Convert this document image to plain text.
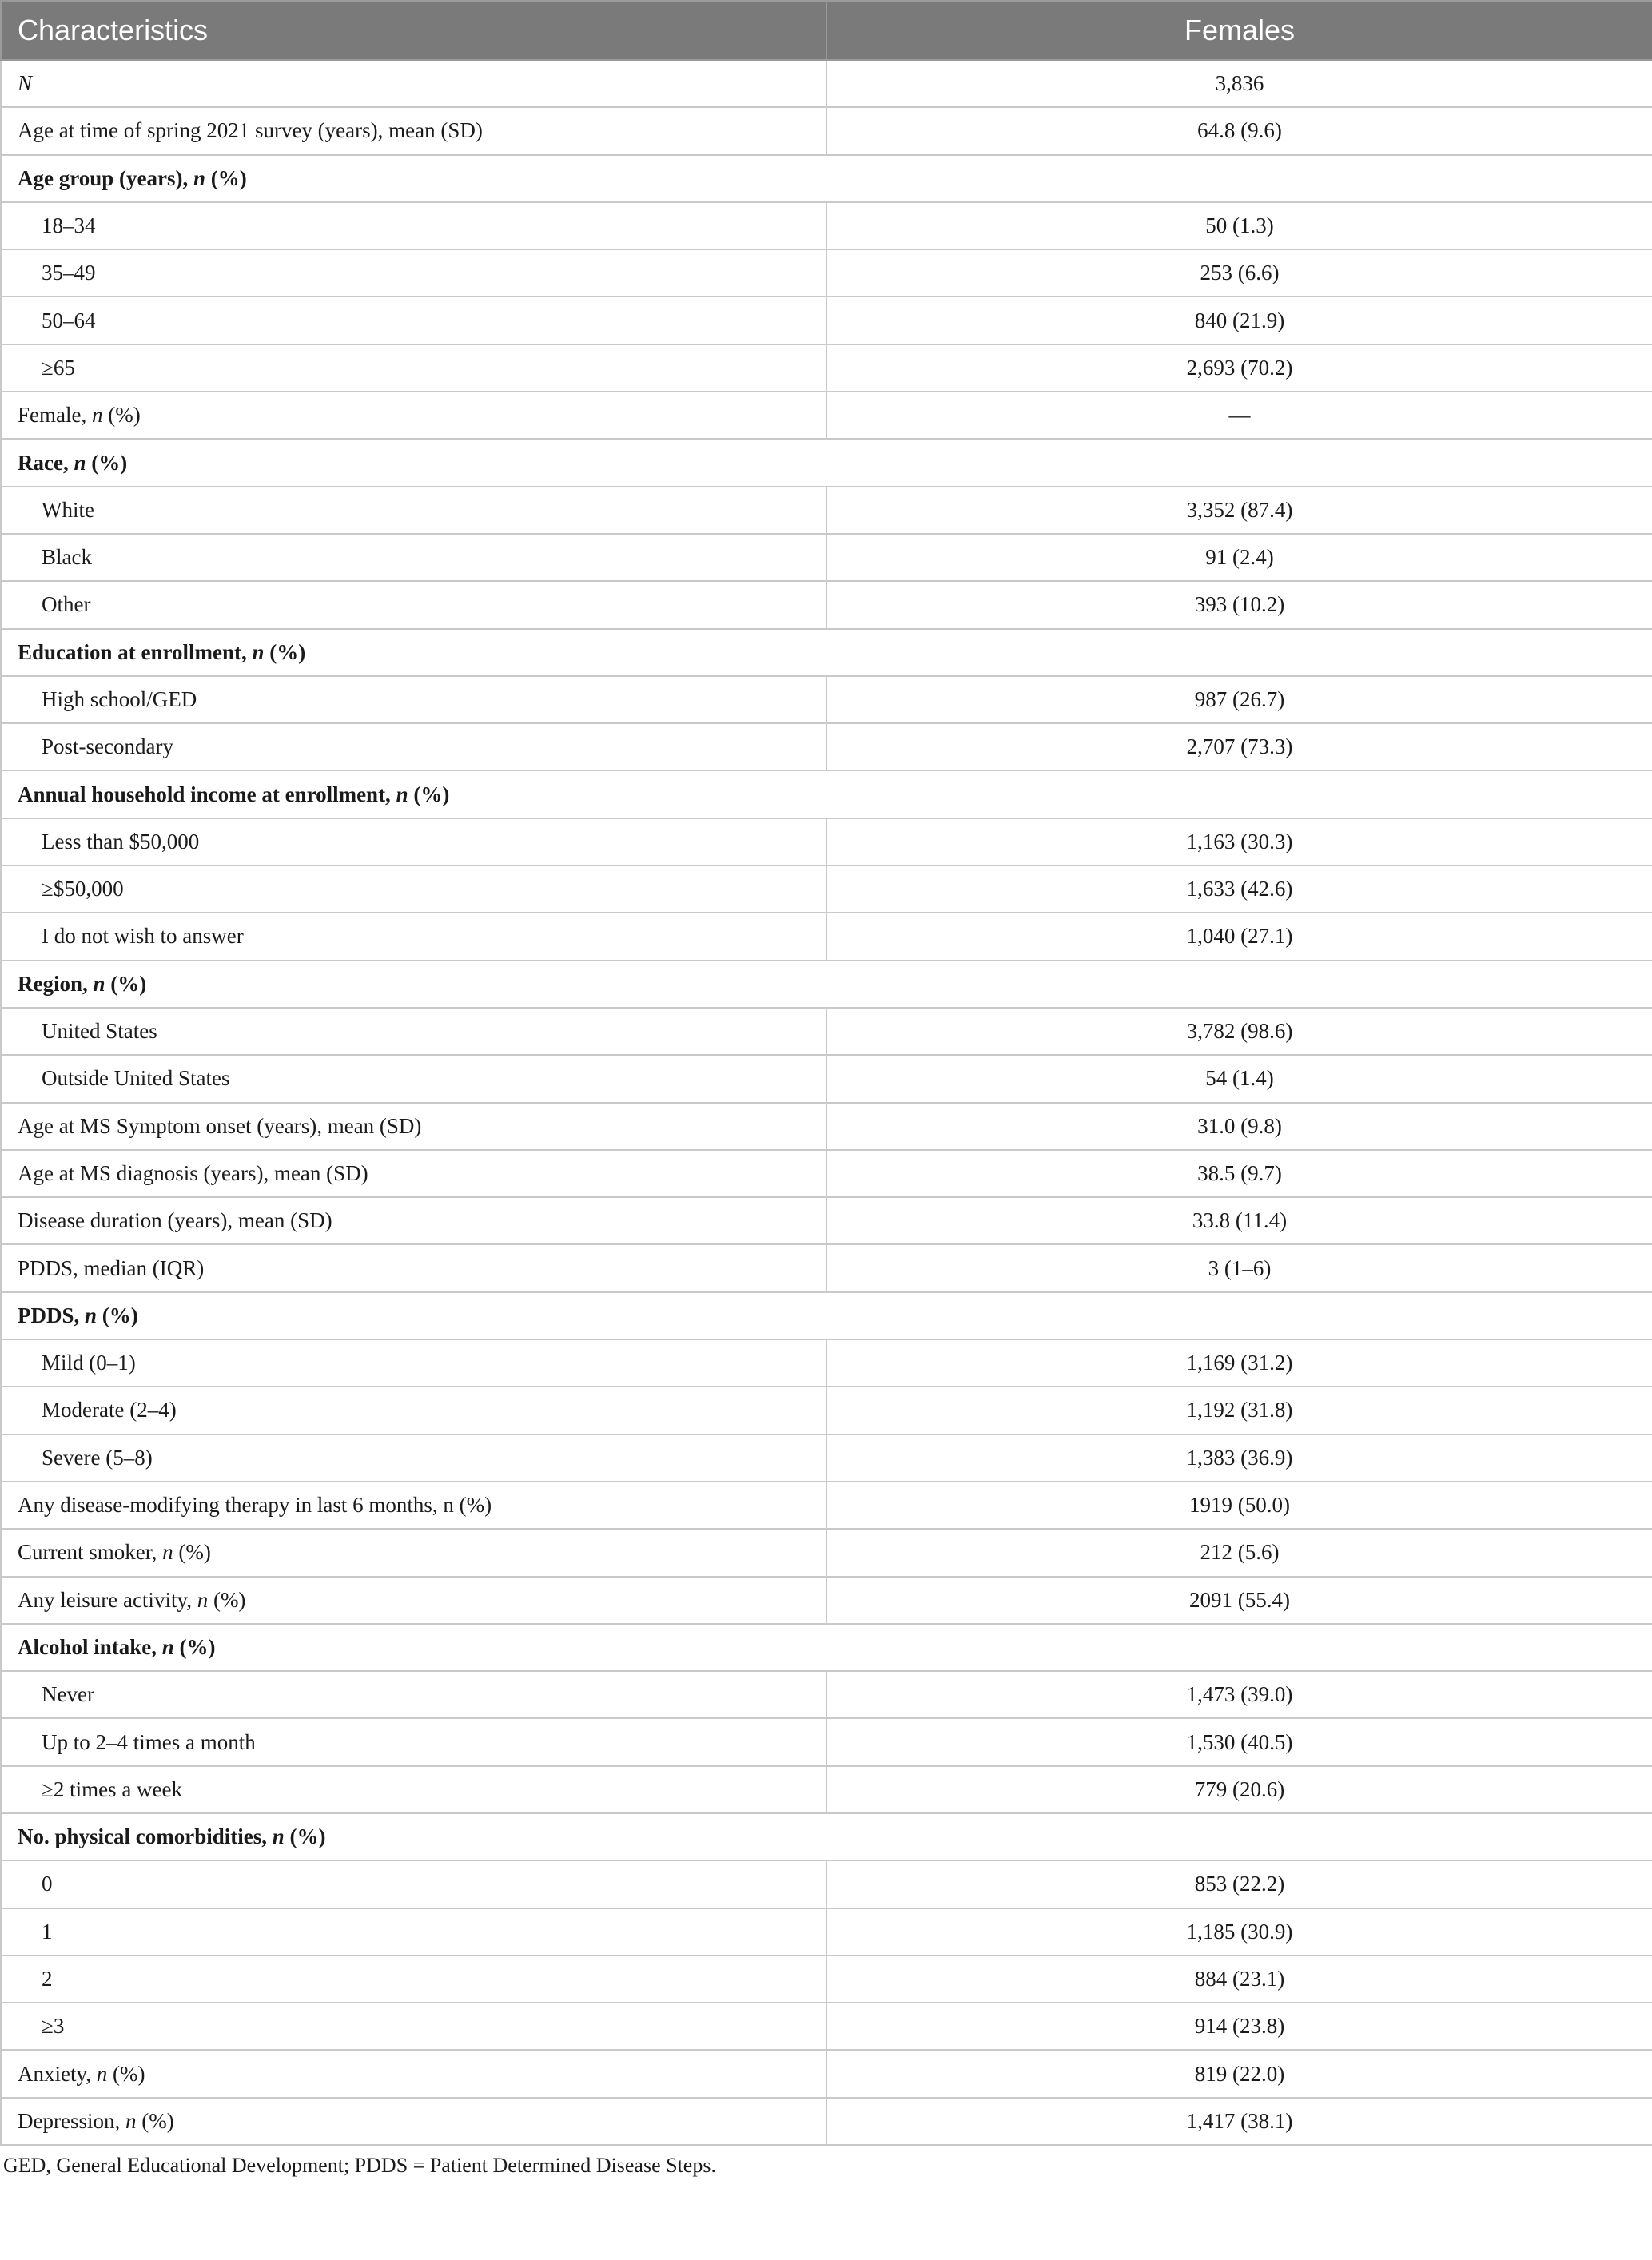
Characteristics	Females
N	3,836
Age at time of spring 2021 survey (years), mean (SD)	64.8 (9.6)
Age group (years), n (%)	
18–34	50 (1.3)
35–49	253 (6.6)
50–64	840 (21.9)
≥65	2,693 (70.2)
Female, n (%)	—
Race, n (%)	
White	3,352 (87.4)
Black	91 (2.4)
Other	393 (10.2)
Education at enrollment, n (%)	
High school/GED	987 (26.7)
Post-secondary	2,707 (73.3)
Annual household income at enrollment, n (%)	
Less than $50,000	1,163 (30.3)
≥$50,000	1,633 (42.6)
I do not wish to answer	1,040 (27.1)
Region, n (%)	
United States	3,782 (98.6)
Outside United States	54 (1.4)
Age at MS Symptom onset (years), mean (SD)	31.0 (9.8)
Age at MS diagnosis (years), mean (SD)	38.5 (9.7)
Disease duration (years), mean (SD)	33.8 (11.4)
PDDS, median (IQR)	3 (1–6)
PDDS, n (%)	
Mild (0–1)	1,169 (31.2)
Moderate (2–4)	1,192 (31.8)
Severe (5–8)	1,383 (36.9)
Any disease-modifying therapy in last 6 months, n (%)	1919 (50.0)
Current smoker, n (%)	212 (5.6)
Any leisure activity, n (%)	2091 (55.4)
Alcohol intake, n (%)	
Never	1,473 (39.0)
Up to 2–4 times a month	1,530 (40.5)
≥2 times a week	779 (20.6)
No. physical comorbidities, n (%)	
0	853 (22.2)
1	1,185 (30.9)
2	884 (23.1)
≥3	914 (23.8)
Anxiety, n (%)	819 (22.0)
Depression, n (%)	1,417 (38.1)
GED, General Educational Development; PDDS = Patient Determined Disease Steps.
